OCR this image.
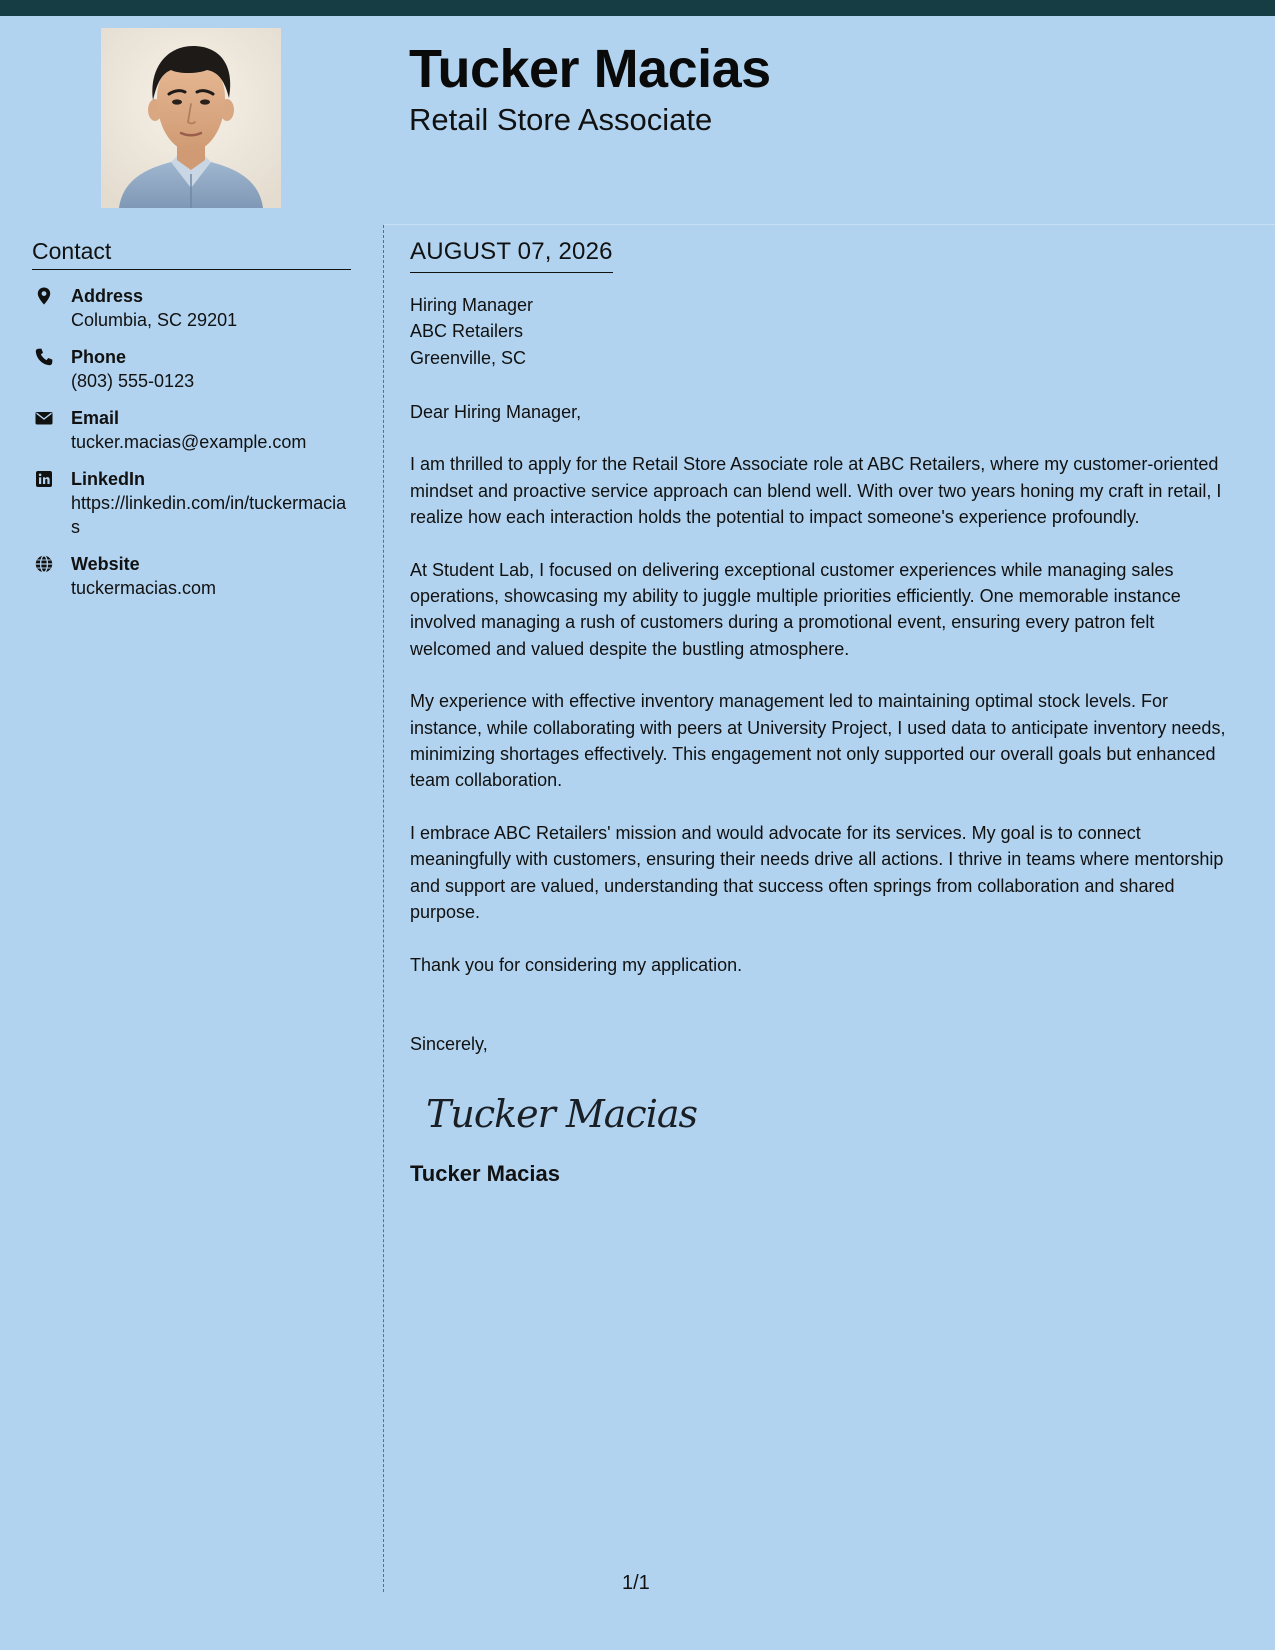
Tucker Macias
Retail Store Associate
Contact
Address
Columbia, SC 29201
Phone
(803) 555-0123
Email
tucker.macias@example.com
LinkedIn
https://linkedin.com/in/tuckermacias
Website
tuckermacias.com
AUGUST 07, 2026
Hiring Manager
ABC Retailers
Greenville, SC

Dear Hiring Manager,

I am thrilled to apply for the Retail Store Associate role at ABC Retailers, where my customer-oriented mindset and proactive service approach can blend well. With over two years honing my craft in retail, I realize how each interaction holds the potential to impact someone's experience profoundly.

At Student Lab, I focused on delivering exceptional customer experiences while managing sales operations, showcasing my ability to juggle multiple priorities efficiently. One memorable instance involved managing a rush of customers during a promotional event, ensuring every patron felt welcomed and valued despite the bustling atmosphere.

My experience with effective inventory management led to maintaining optimal stock levels. For instance, while collaborating with peers at University Project, I used data to anticipate inventory needs, minimizing shortages effectively. This engagement not only supported our overall goals but enhanced team collaboration.

I embrace ABC Retailers' mission and would advocate for its services. My goal is to connect meaningfully with customers, ensuring their needs drive all actions. I thrive in teams where mentorship and support are valued, understanding that success often springs from collaboration and shared purpose.

Thank you for considering my application.

Sincerely,

Tucker Macias
Tucker Macias
1/1
